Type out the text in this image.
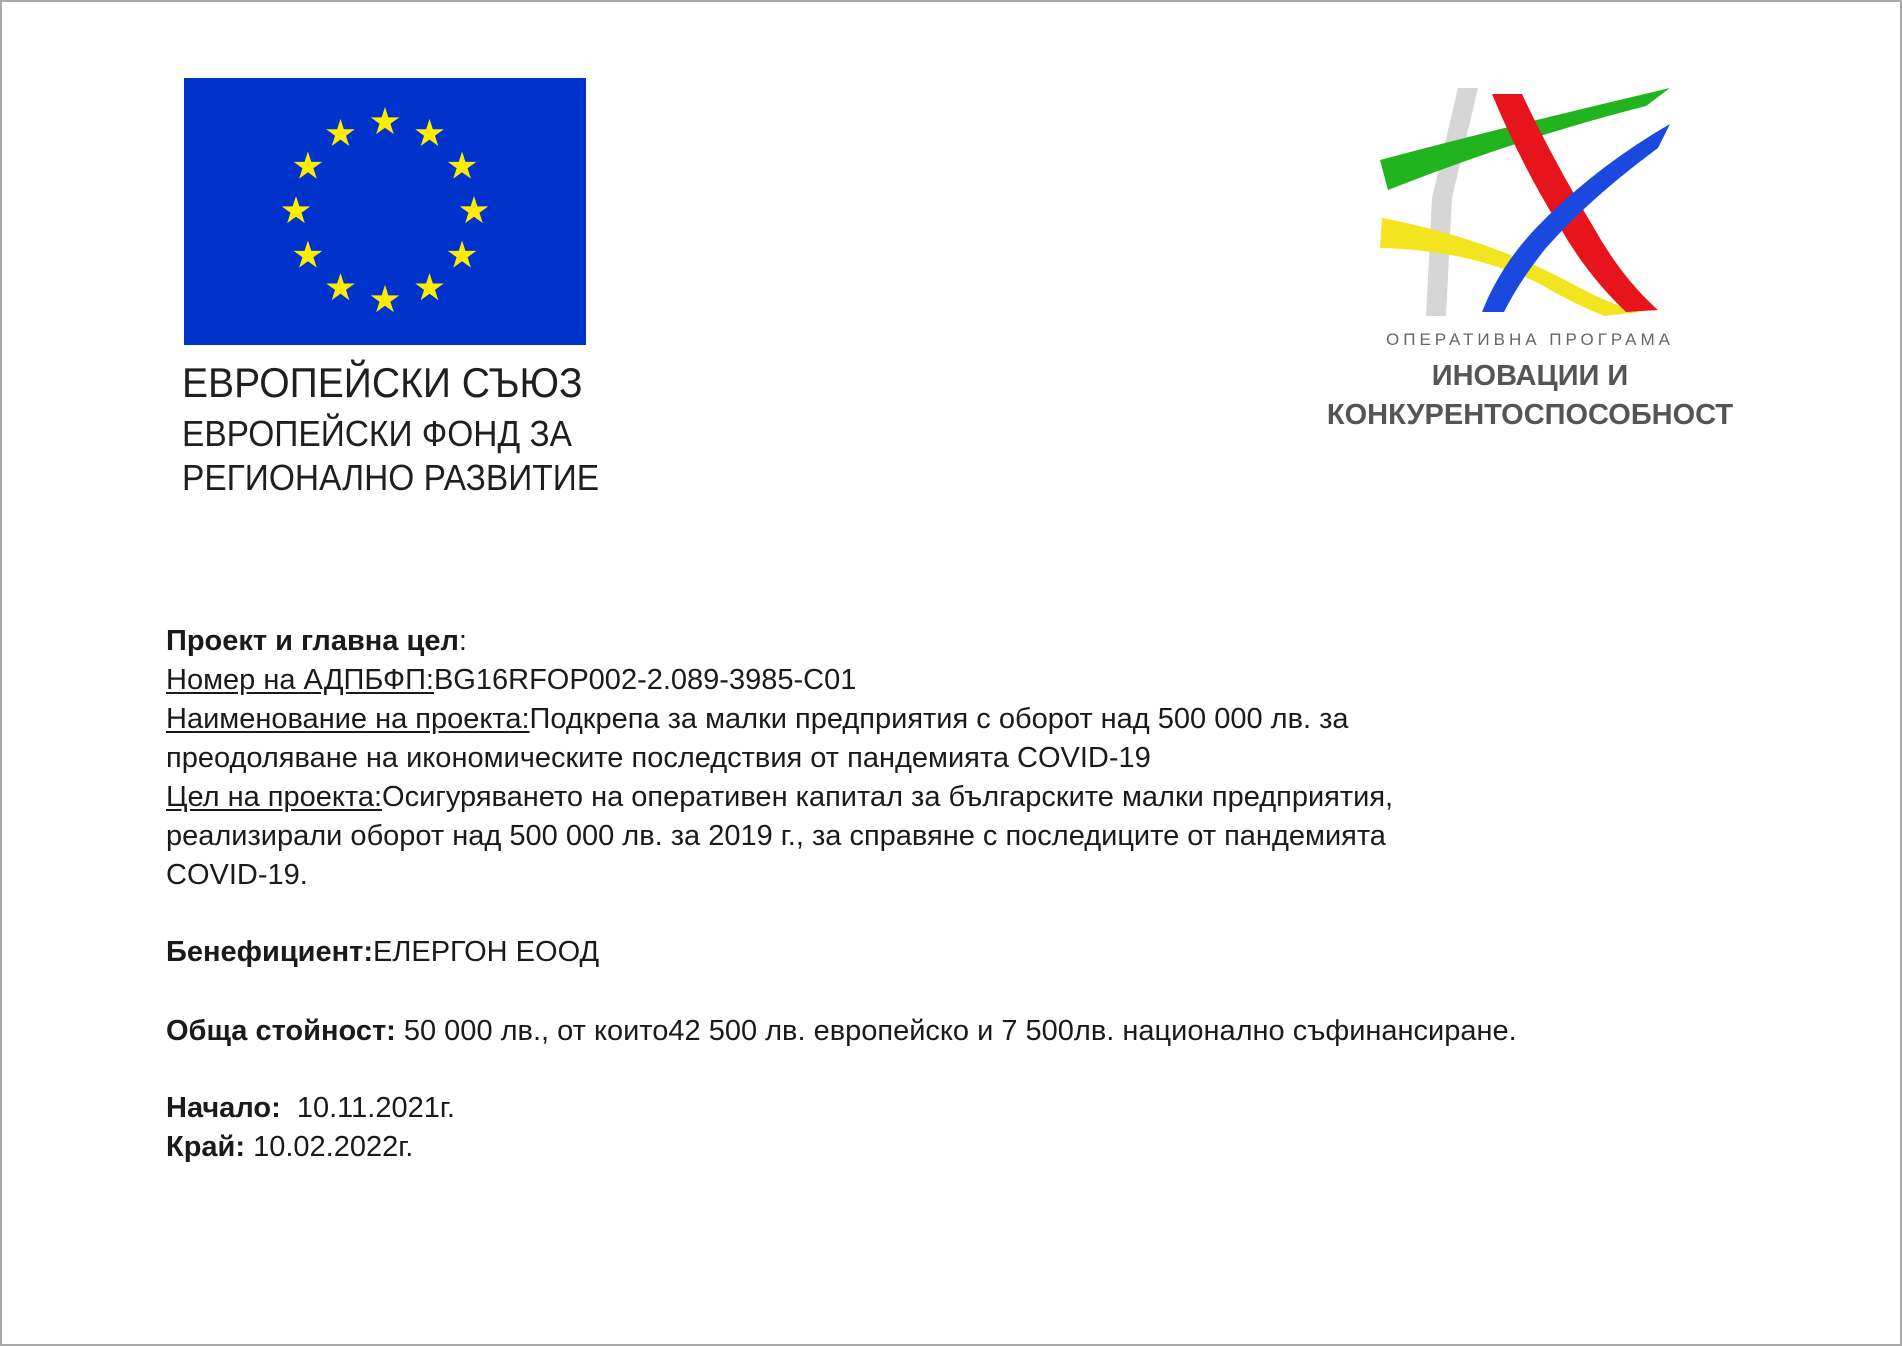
ЕВРОПЕЙСКИ СЪЮЗ
ЕВРОПЕЙСКИ ФОНД ЗА
РЕГИОНАЛНО РАЗВИТИЕ
ОПЕРАТИВНА ПРОГРАМА
ИНОВАЦИИ И
КОНКУРЕНТОСПОСОБНОСТ

Проект и главна цел:

Номер на АДПБФП:BG16RFOP002-2.089-3985-C01

Наименование на проекта:Подкрепа за малки предприятия с оборот над 500 000 лв. за

преодоляване на икономическите последствия от пандемията COVID-19

Цел на проекта:Осигуряването на оперативен капитал за българските малки предприятия,

реализирали оборот над 500 000 лв. за 2019 г., за справяне с последиците от пандемията

COVID-19.

Бенефициент:ЕЛЕРГОН ЕООД

Обща стойност: 50 000 лв., от които42 500 лв. европейско и 7 500лв. национално съфинансиране.

Начало:  10.11.2021г.

Край: 10.02.2022г.
